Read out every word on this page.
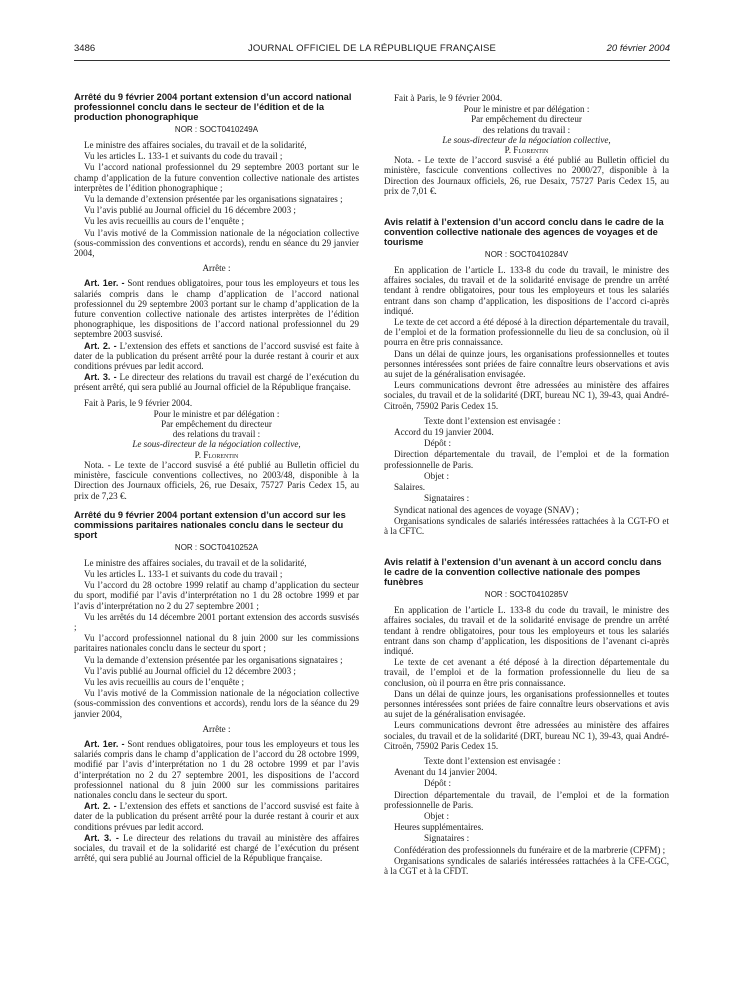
3486	JOURNAL OFFICIEL DE LA RÉPUBLIQUE FRANÇAISE	20 février 2004
Arrêté du 9 février 2004 portant extension d’un accord national professionnel conclu dans le secteur de l’édition et de la production phonographique
NOR : SOCT0410249A

Le ministre des affaires sociales, du travail et de la solidarité,

Vu les articles L. 133-1 et suivants du code du travail ;

Vu l’accord national professionnel du 29 septembre 2003 portant sur le champ d’application de la future convention collective nationale des artistes interprètes de l’édition phonographique ;

Vu la demande d’extension présentée par les organisations signataires ;

Vu l’avis publié au Journal officiel du 16 décembre 2003 ;

Vu les avis recueillis au cours de l’enquête ;

Vu l’avis motivé de la Commission nationale de la négociation collective (sous-commission des conventions et accords), rendu en séance du 29 janvier 2004,

Arrête :

Art. 1er. - Sont rendues obligatoires, pour tous les employeurs et tous les salariés compris dans le champ d’application de l’accord national professionnel du 29 septembre 2003 portant sur le champ d’application de la future convention collective nationale des artistes interprètes de l’édition phonographique, les dispositions de l’accord national professionnel du 29 septembre 2003 susvisé.

Art. 2. - L’extension des effets et sanctions de l’accord susvisé est faite à dater de la publication du présent arrêté pour la durée restant à courir et aux conditions prévues par ledit accord.

Art. 3. - Le directeur des relations du travail est chargé de l’exécution du présent arrêté, qui sera publié au Journal officiel de la République française.

Fait à Paris, le 9 février 2004.

Pour le ministre et par délégation :
Par empêchement du directeur
des relations du travail :
Le sous-directeur de la négociation collective,
P. Florentin

Nota. - Le texte de l’accord susvisé a été publié au Bulletin officiel du ministère, fascicule conventions collectives, no 2003/48, disponible à la Direction des Journaux officiels, 26, rue Desaix, 75727 Paris Cedex 15, au prix de 7,23 €.

Arrêté du 9 février 2004 portant extension d’un accord sur les commissions paritaires nationales conclu dans le secteur du sport
NOR : SOCT0410252A

Le ministre des affaires sociales, du travail et de la solidarité,

Vu les articles L. 133-1 et suivants du code du travail ;

Vu l’accord du 28 octobre 1999 relatif au champ d’application du secteur du sport, modifié par l’avis d’interprétation no 1 du 28 octobre 1999 et par l’avis d’interprétation no 2 du 27 septembre 2001 ;

Vu les arrêtés du 14 décembre 2001 portant extension des accords susvisés ;

Vu l’accord professionnel national du 8 juin 2000 sur les commissions paritaires nationales conclu dans le secteur du sport ;

Vu la demande d’extension présentée par les organisations signataires ;

Vu l’avis publié au Journal officiel du 12 décembre 2003 ;

Vu les avis recueillis au cours de l’enquête ;

Vu l’avis motivé de la Commission nationale de la négociation collective (sous-commission des conventions et accords), rendu lors de la séance du 29 janvier 2004,

Arrête :

Art. 1er. - Sont rendues obligatoires, pour tous les employeurs et tous les salariés compris dans le champ d’application de l’accord du 28 octobre 1999, modifié par l’avis d’interprétation no 1 du 28 octobre 1999 et par l’avis d’interprétation no 2 du 27 septembre 2001, les dispositions de l’accord professionnel national du 8 juin 2000 sur les commissions paritaires nationales conclu dans le secteur du sport.

Art. 2. - L’extension des effets et sanctions de l’accord susvisé est faite à dater de la publication du présent arrêté pour la durée restant à courir et aux conditions prévues par ledit accord.

Art. 3. - Le directeur des relations du travail au ministère des affaires sociales, du travail et de la solidarité est chargé de l’exécution du présent arrêté, qui sera publié au Journal officiel de la République française.

Fait à Paris, le 9 février 2004.

Pour le ministre et par délégation :
Par empêchement du directeur
des relations du travail :
Le sous-directeur de la négociation collective,
P. Florentin

Nota. - Le texte de l’accord susvisé a été publié au Bulletin officiel du ministère, fascicule conventions collectives no 2000/27, disponible à la Direction des Journaux officiels, 26, rue Desaix, 75727 Paris Cedex 15, au prix de 7,01 €.

Avis relatif à l’extension d’un accord conclu dans le cadre de la convention collective nationale des agences de voyages et de tourisme
NOR : SOCT0410284V

En application de l’article L. 133-8 du code du travail, le ministre des affaires sociales, du travail et de la solidarité envisage de prendre un arrêté tendant à rendre obligatoires, pour tous les employeurs et tous les salariés entrant dans son champ d’application, les dispositions de l’accord ci-après indiqué.

Le texte de cet accord a été déposé à la direction départementale du travail, de l’emploi et de la formation professionnelle du lieu de sa conclusion, où il pourra en être pris connaissance.

Dans un délai de quinze jours, les organisations professionnelles et toutes personnes intéressées sont priées de faire connaître leurs observations et avis au sujet de la généralisation envisagée.

Leurs communications devront être adressées au ministère des affaires sociales, du travail et de la solidarité (DRT, bureau NC 1), 39-43, quai André-Citroën, 75902 Paris Cedex 15.

Texte dont l’extension est envisagée :

Accord du 19 janvier 2004.

Dépôt :

Direction départementale du travail, de l’emploi et de la formation professionnelle de Paris.

Objet :

Salaires.

Signataires :

Syndicat national des agences de voyage (SNAV) ;

Organisations syndicales de salariés intéressées rattachées à la CGT-FO et à la CFTC.

Avis relatif à l’extension d’un avenant à un accord conclu dans le cadre de la convention collective nationale des pompes funèbres
NOR : SOCT0410285V

En application de l’article L. 133-8 du code du travail, le ministre des affaires sociales, du travail et de la solidarité envisage de prendre un arrêté tendant à rendre obligatoires, pour tous les employeurs et tous les salariés entrant dans son champ d’application, les dispositions de l’avenant ci-après indiqué.

Le texte de cet avenant a été déposé à la direction départementale du travail, de l’emploi et de la formation professionnelle du lieu de sa conclusion, où il pourra en être pris connaissance.

Dans un délai de quinze jours, les organisations professionnelles et toutes personnes intéressées sont priées de faire connaître leurs observations et avis au sujet de la généralisation envisagée.

Leurs communications devront être adressées au ministère des affaires sociales, du travail et de la solidarité (DRT, bureau NC 1), 39-43, quai André-Citroën, 75902 Paris Cedex 15.

Texte dont l’extension est envisagée :

Avenant du 14 janvier 2004.

Dépôt :

Direction départementale du travail, de l’emploi et de la formation professionnelle de Paris.

Objet :

Heures supplémentaires.

Signataires :

Confédération des professionnels du funéraire et de la marbrerie (CPFM) ;

Organisations syndicales de salariés intéressées rattachées à la CFE-CGC, à la CGT et à la CFDT.
